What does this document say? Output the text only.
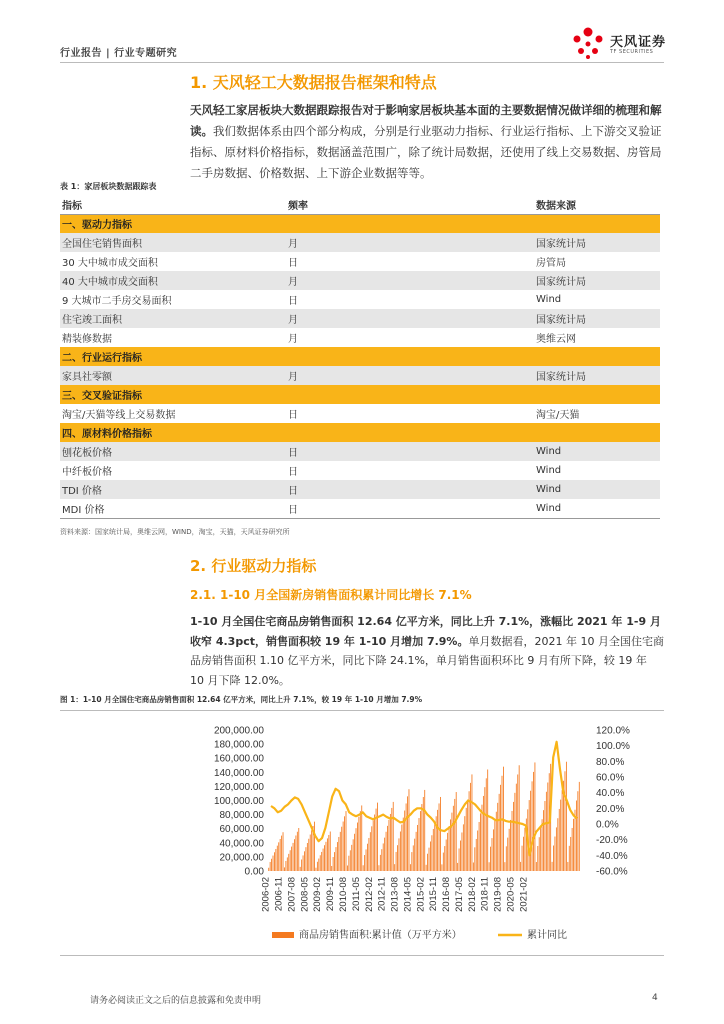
行业报告 | 行业专题研究
天风证券
TF SECURITIES
1. 天风轻工大数据报告框架和特点
天风轻工家居板块大数据跟踪报告对于影响家居板块基本面的主要数据情况做详细的梳理和解读。我们数据体系由四个部分构成，分别是行业驱动力指标、行业运行指标、上下游交叉验证指标、原材料价格指标，数据涵盖范围广，除了统计局数据，还使用了线上交易数据、房管局二手房数据、价格数据、上下游企业数据等等。
表 1：家居板块数据跟踪表
指标	频率	数据来源
一、驱动力指标		
全国住宅销售面积	月	国家统计局
30 大中城市成交面积	日	房管局
40 大中城市成交面积	月	国家统计局
9 大城市二手房交易面积	日	Wind
住宅竣工面积	月	国家统计局
精装修数据	月	奥维云网
二、行业运行指标		
家具社零额	月	国家统计局
三、交叉验证指标		
淘宝/天猫等线上交易数据	日	淘宝/天猫
四、原材料价格指标		
刨花板价格	日	Wind
中纤板价格	日	Wind
TDI 价格	日	Wind
MDI 价格	日	Wind
资料来源：国家统计局，奥维云网，WIND，淘宝，天猫，天风证券研究所
2. 行业驱动力指标
2.1. 1-10 月全国新房销售面积累计同比增长 7.1%
1-10 月全国住宅商品房销售面积 12.64 亿平方米，同比上升 7.1%，涨幅比 2021 年 1-9 月收窄 4.3pct，销售面积较 19 年 1-10 月增加 7.9%。单月数据看，2021 年 10 月全国住宅商品房销售面积 1.10 亿平方米，同比下降 24.1%，单月销售面积环比 9 月有所下降，较 19 年 10 月下降 12.0%。
图 1：1-10 月全国住宅商品房销售面积 12.64 亿平方米，同比上升 7.1%，较 19 年 1-10 月增加 7.9%
0.00
20,000.00
40,000.00
60,000.00
80,000.00
100,000.00
120,000.00
140,000.00
160,000.00
180,000.00
200,000.00
-60.0%
-40.0%
-20.0%
0.0%
20.0%
40.0%
60.0%
80.0%
100.0%
120.0%
2006-02 2006-11 2007-08 2008-05 2009-02 2009-11 2010-08 2011-05 2012-02 2012-11 2013-08 2014-05 2015-02 2015-11 2016-08 2017-05 2018-02 2018-11 2019-08 2020-05 2021-02
商品房销售面积:累计值（万平方米）	累计同比
请务必阅读正文之后的信息披露和免责申明	4
